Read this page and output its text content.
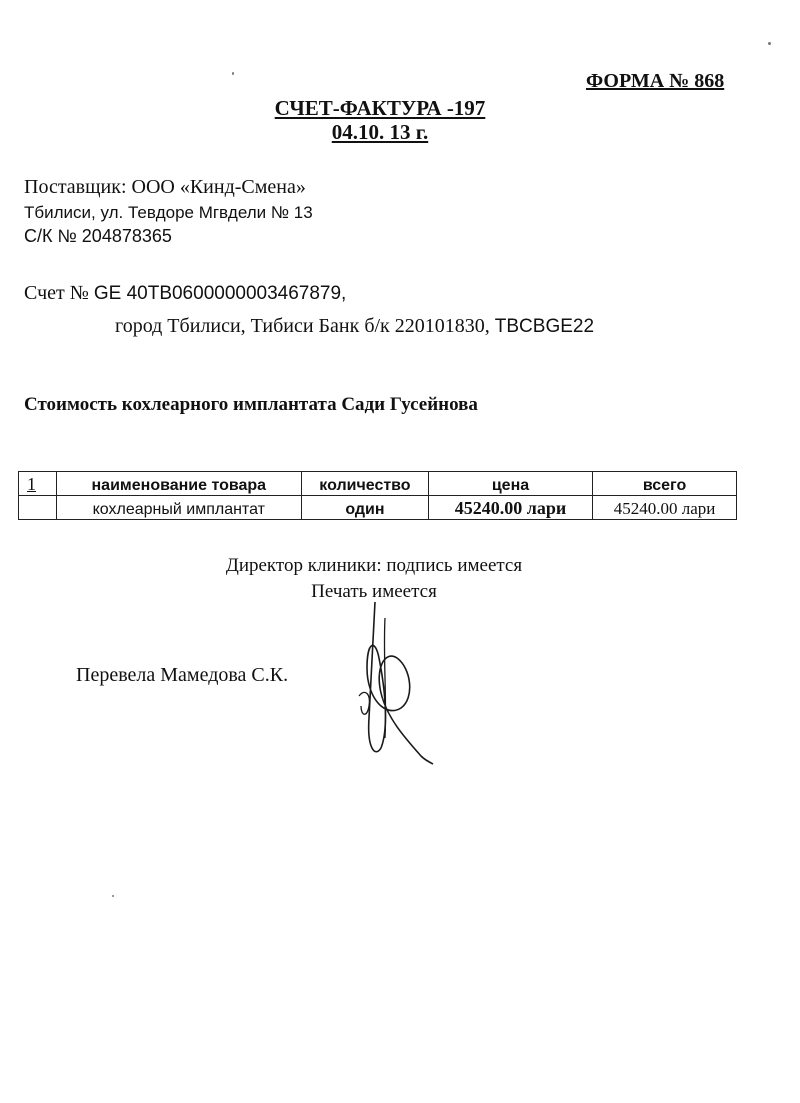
ФОРМА № 868
СЧЕТ-ФАКТУРА -197
04.10. 13 г.
Поставщик: ООО «Кинд-Смена»
Тбилиси, ул. Тевдоре Мгвдели № 13
С/К № 204878365
Счет № GE 40TB0600000003467879,
город Тбилиси, Тибиси Банк б/к 220101830, TBCBGE22
Стоимость кохлеарного имплантата Сади Гусейнова
1	наименование товара	количество	цена	всего
	кохлеарный имплантат	один	45240.00 лари	45240.00 лари
Директор клиники: подпись имеется
Печать имеется
Перевела Мамедова С.К.
